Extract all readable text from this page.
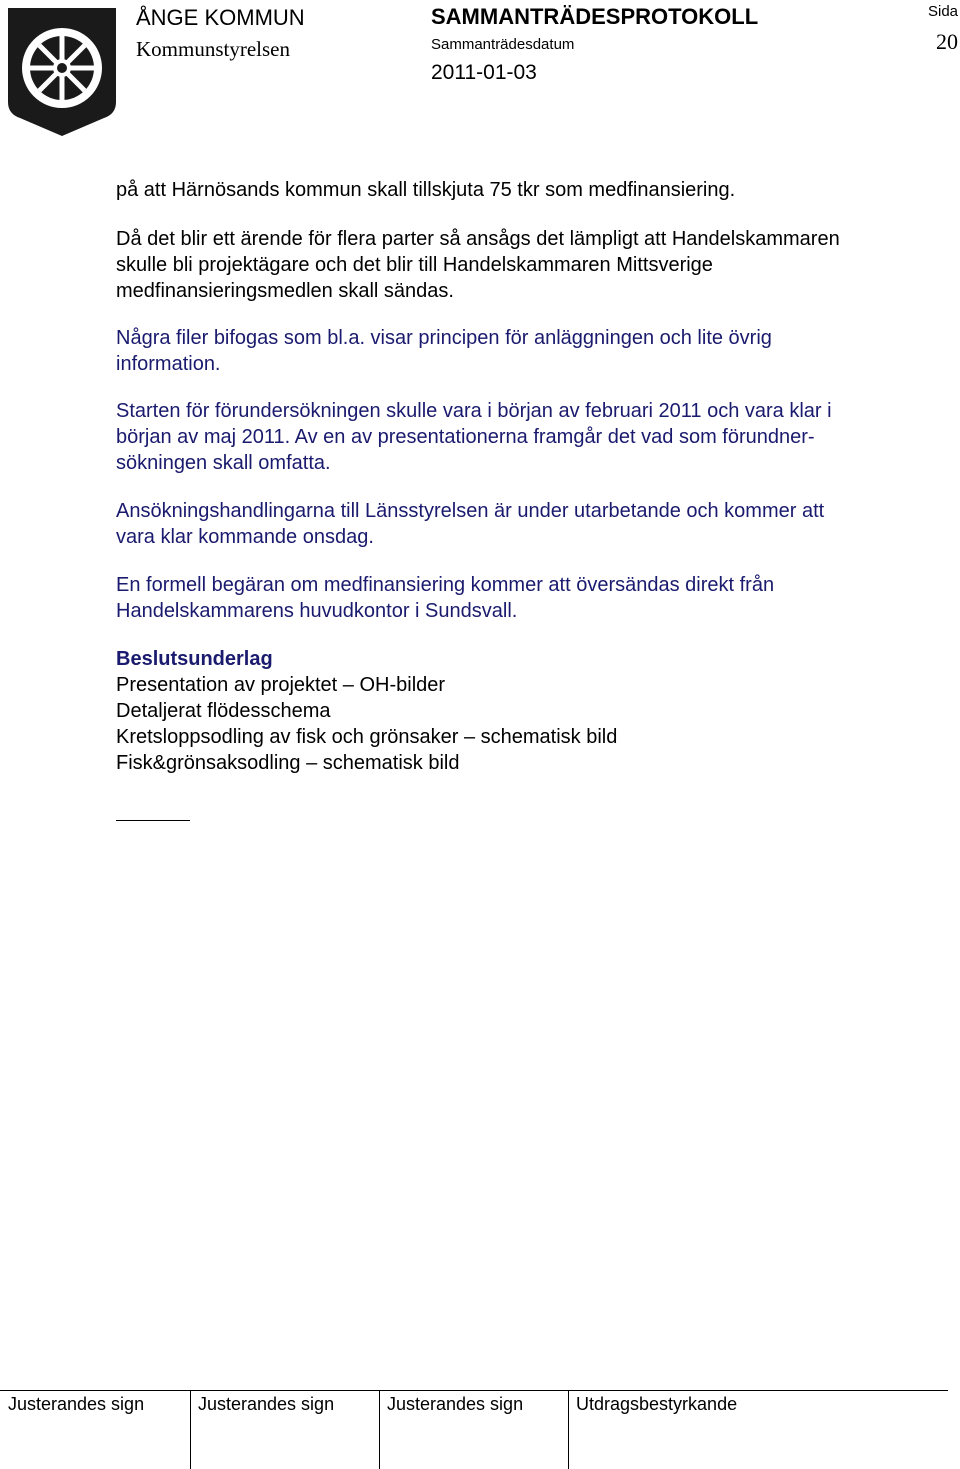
ÅNGE KOMMUN
Kommunstyrelsen
SAMMANTRÄDESPROTOKOLL
Sammanträdesdatum
2011-01-03
Sida
20
på att Härnösands kommun skall tillskjuta 75 tkr som medfinansiering.
Då det blir ett ärende för flera parter så ansågs det lämpligt att Handelskammaren
skulle bli projektägare och det blir till Handelskammaren Mittsverige
medfinansieringsmedlen skall sändas.
Några filer bifogas som bl.a. visar principen för anläggningen och lite övrig
information.
Starten för förundersökningen skulle vara i början av februari 2011 och vara klar i
början av maj 2011. Av en av presentationerna framgår det vad som förundner-
sökningen skall omfatta.
Ansökningshandlingarna till Länsstyrelsen är under utarbetande och kommer att
vara klar kommande onsdag.
En formell begäran om medfinansiering kommer att översändas direkt från
Handelskammarens huvudkontor i Sundsvall.
Beslutsunderlag
Presentation av projektet – OH-bilder
Detaljerat flödesschema
Kretsloppsodling av fisk och grönsaker – schematisk bild
Fisk&grönsaksodling – schematisk bild
Justerandes sign	Justerandes sign	Justerandes sign	Utdragsbestyrkande
